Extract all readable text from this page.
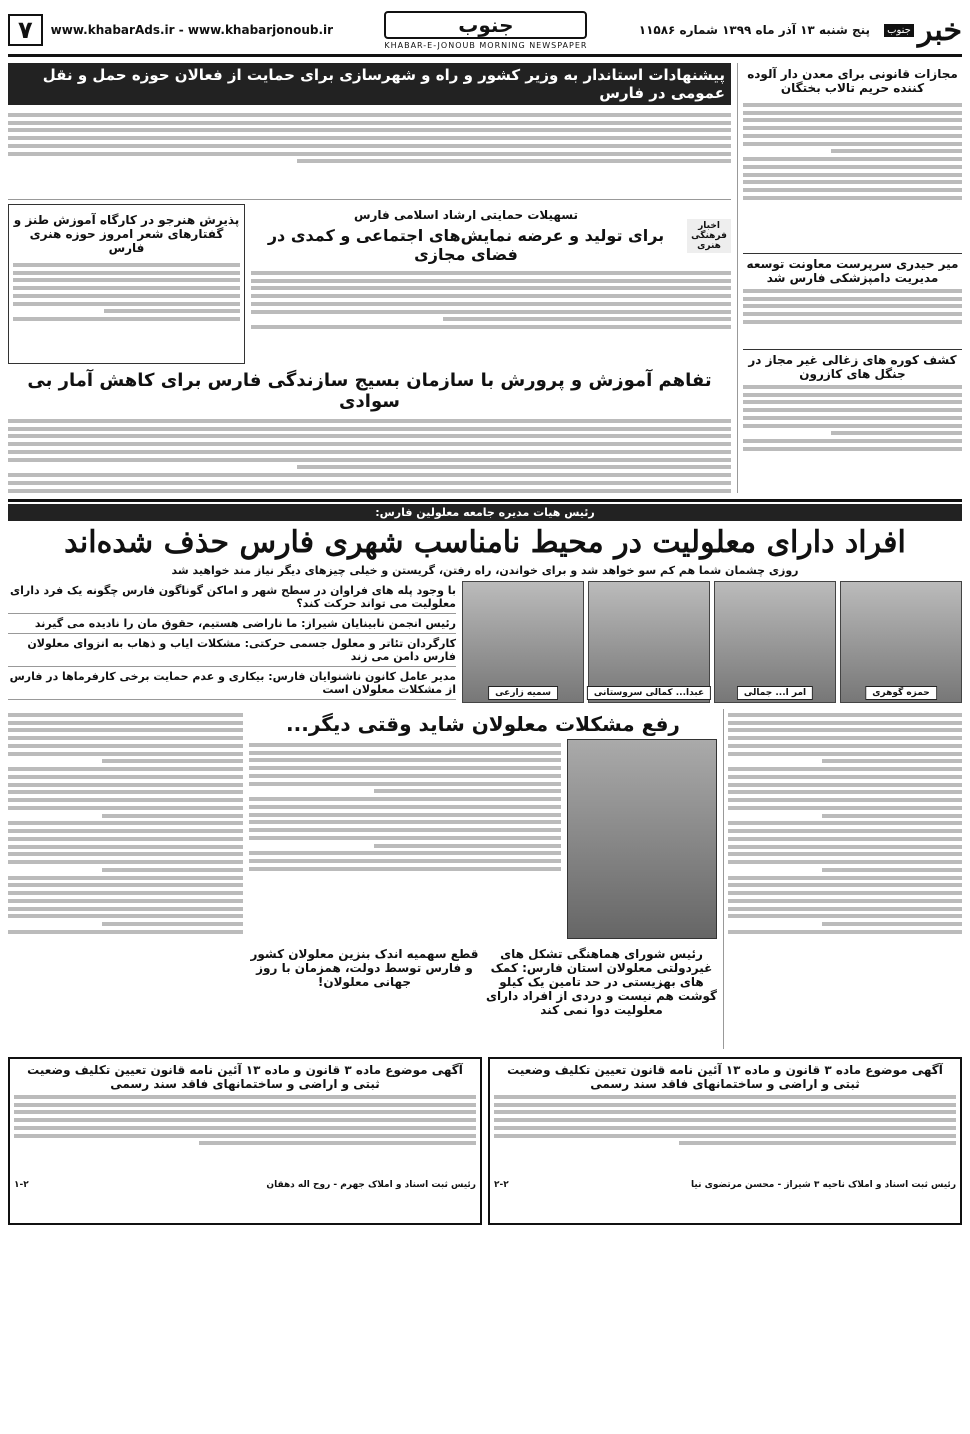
خبر
جنوب
پنج شنبه ۱۳ آذر ماه ۱۳۹۹ شماره ۱۱۵۸۶
جنوب
KHABAR-E-JONOUB MORNING NEWSPAPER
www.khabarAds.ir - www.khabarjonoub.ir
۷
مجازات قانونی برای معدن دار آلوده کننده حریم تالاب بختگان
میر حیدری سرپرست معاونت توسعه مدیریت دامپزشکی فارس شد
کشف کوره های زغالی غیر مجاز در جنگل های کازرون
پیشنهادات استاندار به وزیر کشور و راه و شهرسازی برای حمایت از فعالان حوزه حمل و نقل عمومی در فارس
اخبار فرهنگی هنری
تسهیلات حمایتی ارشاد اسلامی فارس
برای تولید و عرضه نمایش‌های اجتماعی و کمدی در فضای مجازی
پذیرش هنرجو در کارگاه آموزش طنز و گفتارهای شعر امروز حوزه هنری فارس
تفاهم آموزش و پرورش با سازمان بسیج سازندگی فارس برای کاهش آمار بی سوادی
رئیس هیات مدیره جامعه معلولین فارس:
افراد دارای معلولیت در محیط نامناسب شهری فارس حذف شده‌اند
روزی چشمان شما هم کم سو خواهد شد و برای خواندن، راه رفتن، گریستن و خیلی چیزهای دیگر نیاز مند خواهید شد
حمزه گوهری
امر ا... جمالی
عبدا... کمالی سروستانی
سمیه زارعی
با وجود پله های فراوان در سطح شهر و اماکن گوناگون فارس چگونه یک فرد دارای معلولیت می تواند حرکت کند؟
رئیس انجمن نابینایان شیراز: ما ناراضی هستیم، حقوق مان را نادیده می گیرند
کارگردان تئاتر و معلول جسمی حرکتی: مشکلات ایاب و ذهاب به انزوای معلولان فارس دامن می زند
مدیر عامل کانون ناشنوایان فارس: بیکاری و عدم حمایت برخی کارفرماها در فارس از مشکلات معلولان است
رفع مشکلات معلولان شاید وقتی دیگر...
رئیس شورای هماهنگی تشکل های غیردولتی معلولان استان فارس: کمک های بهزیستی در حد تامین یک کیلو گوشت هم نیست و دردی از افراد دارای معلولیت دوا نمی کند
قطع سهمیه اندک بنزین معلولان کشور و فارس توسط دولت، همزمان با روز جهانی معلولان!
آگهی موضوع ماده ۳ قانون و ماده ۱۳ آئین نامه قانون تعیین تکلیف وضعیت ثبتی و اراضی و ساختمانهای فاقد سند رسمی
رئیس ثبت اسناد و املاک ناحیه ۳ شیراز - محسن مرتضوی نیا
۲-۲
آگهی موضوع ماده ۳ قانون و ماده ۱۳ آئین نامه قانون تعیین تکلیف وضعیت ثبتی و اراضی و ساختمانهای فاقد سند رسمی
رئیس ثبت اسناد و املاک جهرم - روح اله دهقان
۱-۲
